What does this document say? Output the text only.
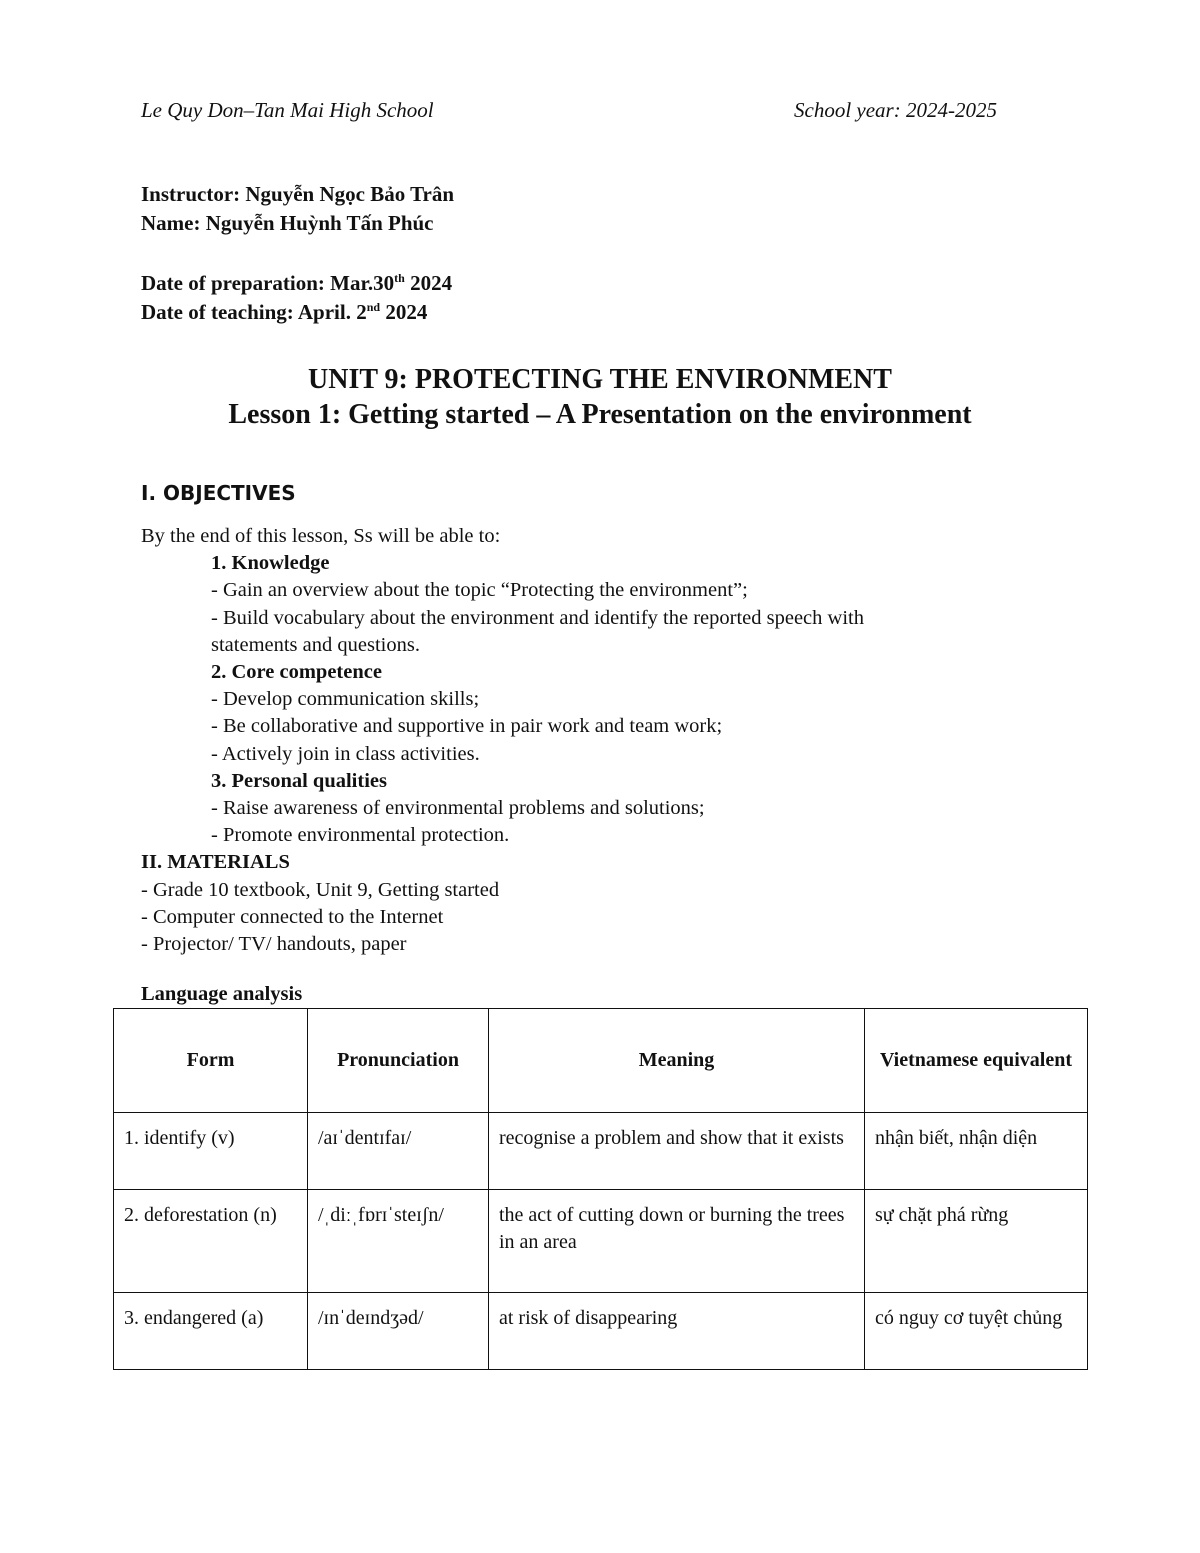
Le Quy Don–Tan Mai High School	School year: 2024-2025
Instructor: Nguyễn Ngọc Bảo Trân
Name: Nguyễn Huỳnh Tấn Phúc
Date of preparation: Mar.30th 2024
Date of teaching: April. 2nd 2024
UNIT 9: PROTECTING THE ENVIRONMENT
Lesson 1: Getting started – A Presentation on the environment
I. OBJECTIVES

By the end of this lesson, Ss will be able to:

1. Knowledge

- Gain an overview about the topic “Protecting the environment”;

- Build vocabulary about the environment and identify the reported speech with

statements and questions.

2. Core competence

- Develop communication skills;

- Be collaborative and supportive in pair work and team work;

- Actively join in class activities.

3. Personal qualities

- Raise awareness of environmental problems and solutions;

- Promote environmental protection.

II. MATERIALS

- Grade 10 textbook, Unit 9, Getting started

- Computer connected to the Internet

- Projector/ TV/ handouts, paper

Language analysis
Form	Pronunciation	Meaning	Vietnamese equivalent
1. identify (v)	/aɪˈdentɪfaɪ/	recognise a problem and show that it exists	nhận biết, nhận diện
2. deforestation (n)	/ˌdiːˌfɒrɪˈsteɪʃn/	the act of cutting down or burning the trees in an area	sự chặt phá rừng
3. endangered (a)	/ɪnˈdeɪndʒəd/	at risk of disappearing	có nguy cơ tuyệt chủng
